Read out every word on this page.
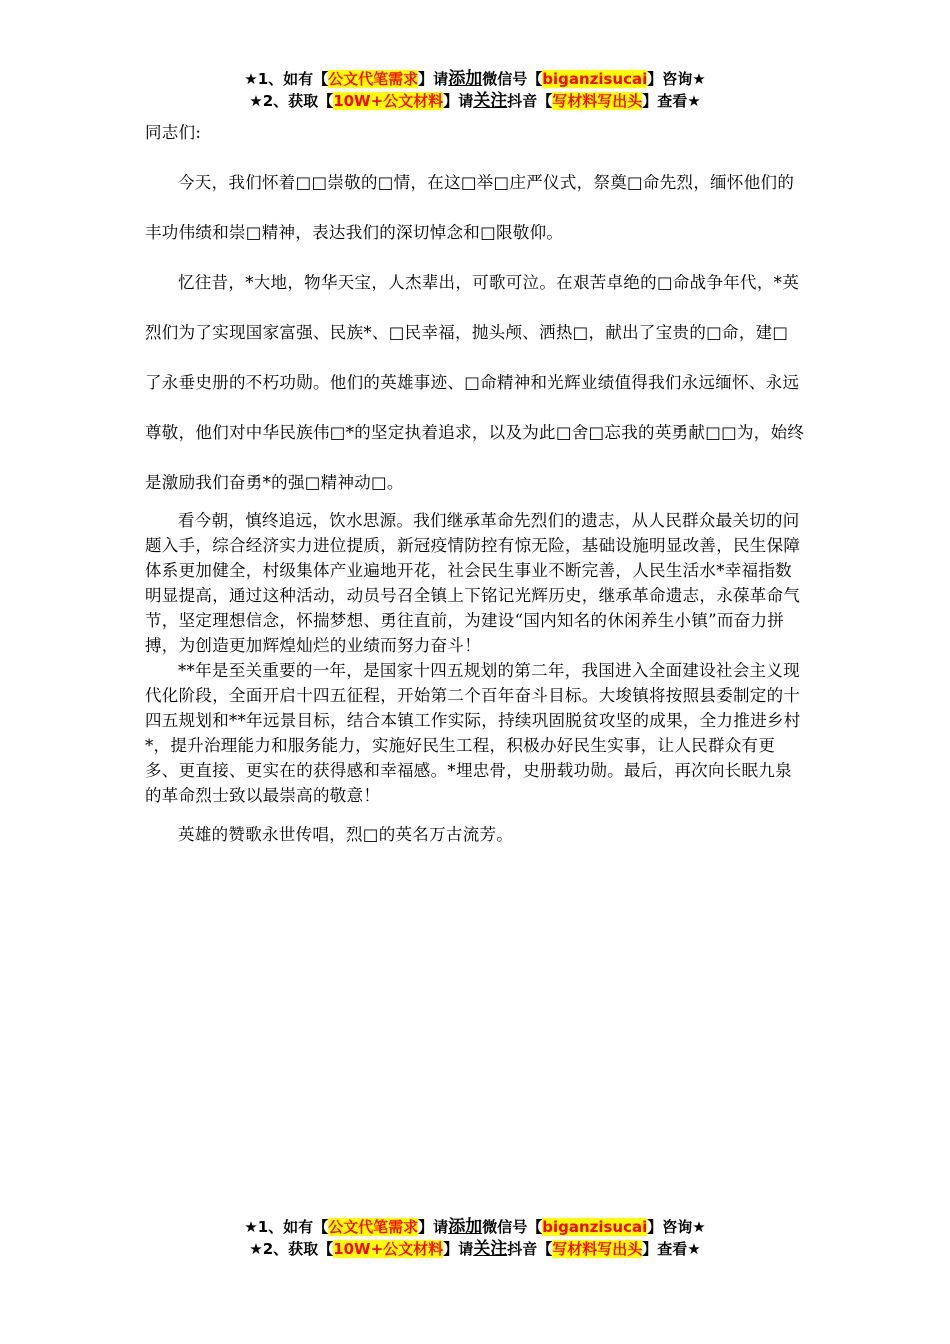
★1、如有【公文代笔需求】请添加微信号【biganzisucai】咨询★
★2、获取【10W+公文材料】请关注抖音【写材料写出头】查看★

同志们:

今天，我们怀着□□崇敬的□情，在这□举□庄严仪式，祭奠□命先烈，缅怀他们的丰功伟绩和崇□精神，表达我们的深切悼念和□限敬仰。

忆往昔，*大地，物华天宝，人杰辈出，可歌可泣。在艰苦卓绝的□命战争年代，*英烈们为了实现国家富强、民族*、□民幸福，抛头颅、洒热□，献出了宝贵的□命，建□了永垂史册的不朽功勋。他们的英雄事迹、□命精神和光辉业绩值得我们永远缅怀、永远尊敬，他们对中华民族伟□*的坚定执着追求，以及为此□舍□忘我的英勇献□□为，始终是激励我们奋勇*的强□精神动□。

看今朝，慎终追远，饮水思源。我们继承革命先烈们的遗志，从人民群众最关切的问题入手，综合经济实力进位提质，新冠疫情防控有惊无险，基础设施明显改善，民生保障体系更加健全，村级集体产业遍地开花，社会民生事业不断完善，人民生活水*幸福指数明显提高，通过这种活动，动员号召全镇上下铭记光辉历史，继承革命遗志，永葆革命气节，坚定理想信念，怀揣梦想、勇往直前，为建设“国内知名的休闲养生小镇”而奋力拼搏，为创造更加辉煌灿烂的业绩而努力奋斗！

**年是至关重要的一年，是国家十四五规划的第二年，我国进入全面建设社会主义现代化阶段，全面开启十四五征程，开始第二个百年奋斗目标。大埈镇将按照县委制定的十四五规划和**年远景目标，结合本镇工作实际，持续巩固脱贫攻坚的成果，全力推进乡村*，提升治理能力和服务能力，实施好民生工程，积极办好民生实事，让人民群众有更多、更直接、更实在的获得感和幸福感。*埋忠骨，史册载功勋。最后，再次向长眠九泉的革命烈士致以最崇高的敬意！

英雄的赞歌永世传唱，烈□的英名万古流芳。

★1、如有【公文代笔需求】请添加微信号【biganzisucai】咨询★
★2、获取【10W+公文材料】请关注抖音【写材料写出头】查看★
